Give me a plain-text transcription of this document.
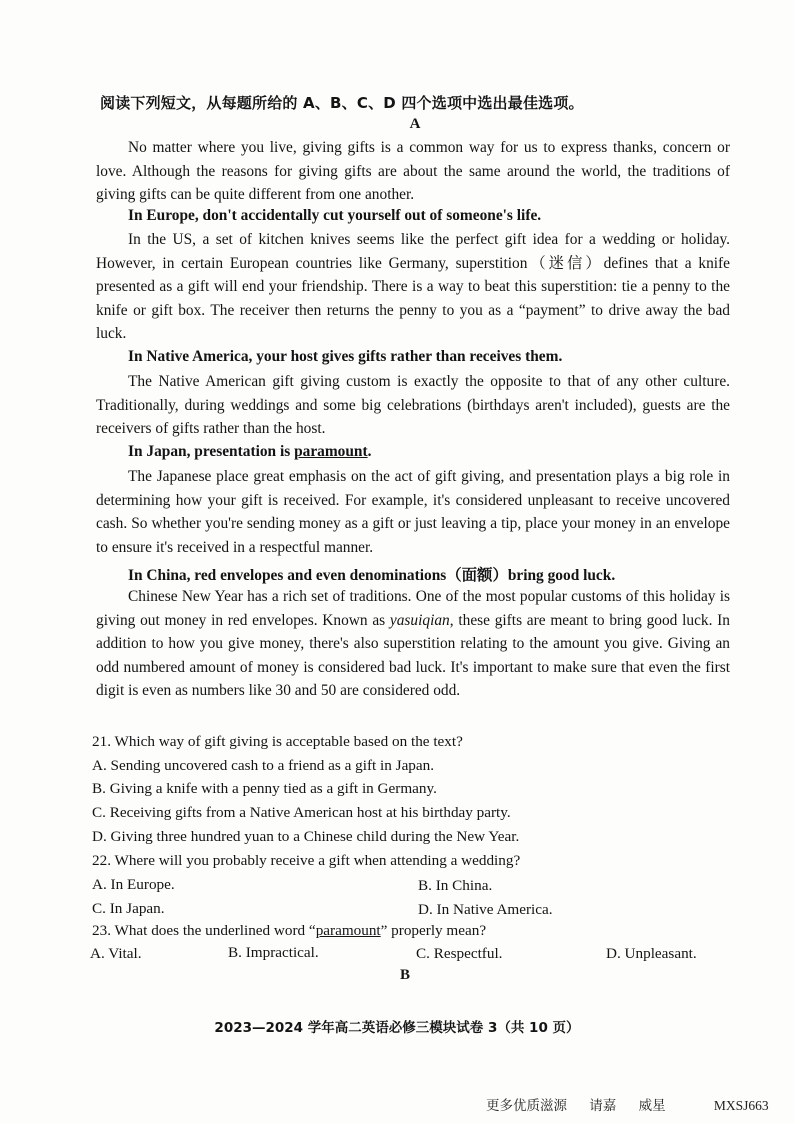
阅读下列短文，从每题所给的 A、B、C、D 四个选项中选出最佳选项。
A
No matter where you live, giving gifts is a common way for us to express thanks, concern or love. Although the reasons for giving gifts are about the same around the world, the traditions of giving gifts can be quite different from one another.
In Europe, don't accidentally cut yourself out of someone's life.
In the US, a set of kitchen knives seems like the perfect gift idea for a wedding or holiday. However, in certain European countries like Germany, superstition（迷信）defines that a knife presented as a gift will end your friendship. There is a way to beat this superstition: tie a penny to the knife or gift box. The receiver then returns the penny to you as a “payment” to drive away the bad luck.
In Native America, your host gives gifts rather than receives them.
The Native American gift giving custom is exactly the opposite to that of any other culture. Traditionally, during weddings and some big celebrations (birthdays aren't included), guests are the receivers of gifts rather than the host.
In Japan, presentation is paramount.
The Japanese place great emphasis on the act of gift giving, and presentation plays a big role in determining how your gift is received. For example, it's considered unpleasant to receive uncovered cash. So whether you're sending money as a gift or just leaving a tip, place your money in an envelope to ensure it's received in a respectful manner.
In China, red envelopes and even denominations（面额）bring good luck.
Chinese New Year has a rich set of traditions. One of the most popular customs of this holiday is giving out money in red envelopes. Known as yasuiqian, these gifts are meant to bring good luck. In addition to how you give money, there's also superstition relating to the amount you give. Giving an odd numbered amount of money is considered bad luck. It's important to make sure that even the first digit is even as numbers like 30 and 50 are considered odd.
21. Which way of gift giving is acceptable based on the text?
A. Sending uncovered cash to a friend as a gift in Japan.
B. Giving a knife with a penny tied as a gift in Germany.
C. Receiving gifts from a Native American host at his birthday party.
D. Giving three hundred yuan to a Chinese child during the New Year.
22. Where will you probably receive a gift when attending a wedding?
A. In Europe.	B. In China.
C. In Japan.	D. In Native America.
23. What does the underlined word “paramount” properly mean?
A. Vital.	B. Impractical.	C. Respectful.	D. Unpleasant.
B
2023—2024 学年高二英语必修三模块试卷 3（共 10 页）
更多优质滋源 请嘉 威星	MXSJ663
